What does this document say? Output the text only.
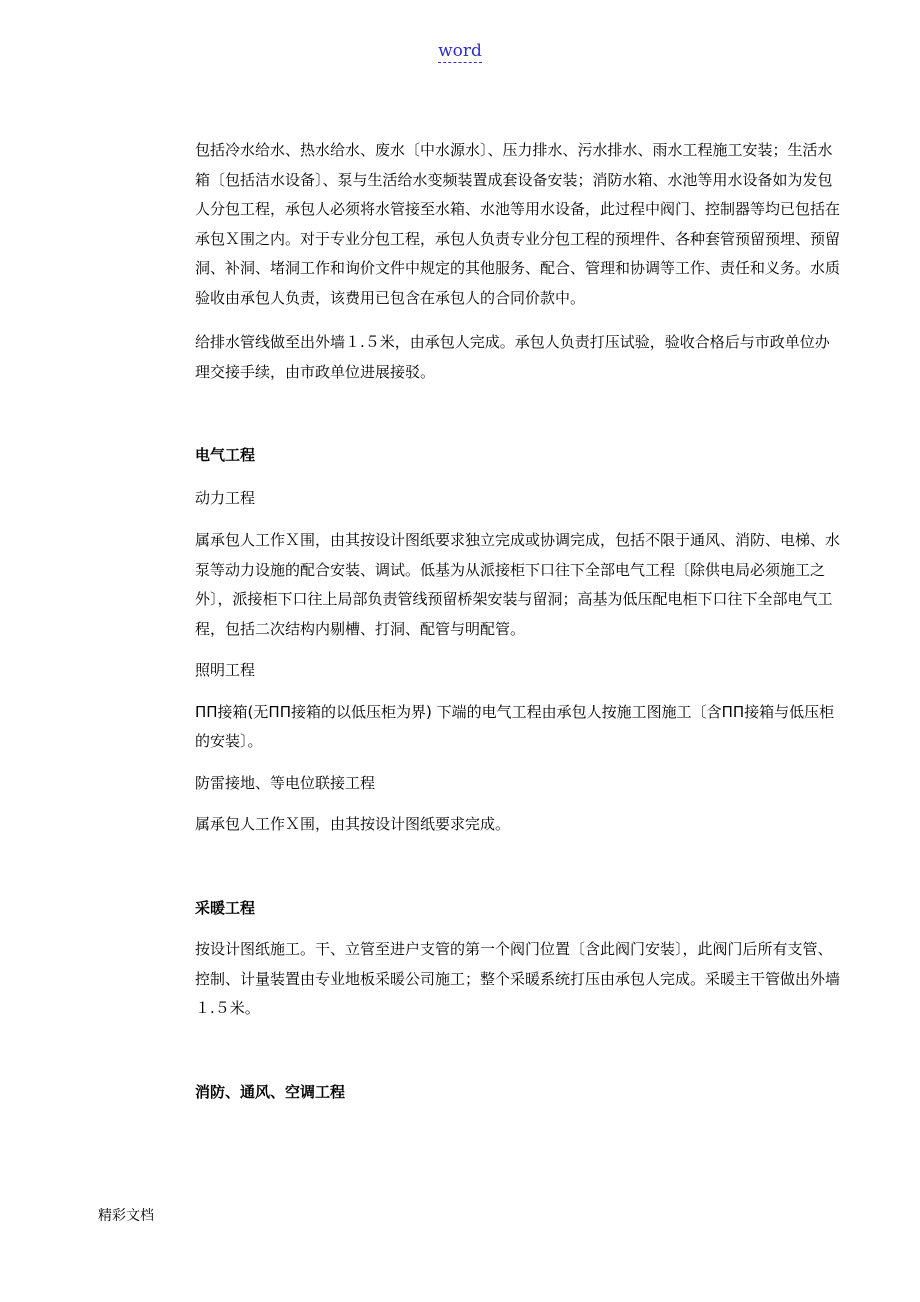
word

包括冷水给水、热水给水、废水〔中水源水〕、压力排水、污水排水、雨水工程施工安装；生活水箱〔包括洁水设备〕、泵与生活给水变频装置成套设备安装；消防水箱、水池等用水设备如为发包人分包工程，承包人必须将水管接至水箱、水池等用水设备，此过程中阀门、控制器等均已包括在承包Ｘ围之内。对于专业分包工程，承包人负责专业分包工程的预埋件、各种套管预留预埋、预留洞、补洞、堵洞工作和询价文件中规定的其他服务、配合、管理和协调等工作、责任和义务。水质验收由承包人负责，该费用已包含在承包人的合同价款中。

给排水管线做至出外墙１.５米，由承包人完成。承包人负责打压试验，验收合格后与市政单位办理交接手续，由市政单位进展接驳。

电气工程

动力工程

属承包人工作Ｘ围，由其按设计图纸要求独立完成或协调完成，包括不限于通风、消防、电梯、水泵等动力设施的配合安装、调试。低基为从派接柜下口往下全部电气工程〔除供电局必须施工之外〕，派接柜下口往上局部负责管线预留桥架安装与留洞；高基为低压配电柜下口往下全部电气工程，包括二次结构内剔槽、打洞、配管与明配管。

照明工程

ΠΠ接箱(无ΠΠ接箱的以低压柜为界) 下端的电气工程由承包人按施工图施工〔含ΠΠ接箱与低压柜的安装〕。

防雷接地、等电位联接工程

属承包人工作Ｘ围，由其按设计图纸要求完成。

采暖工程

按设计图纸施工。干、立管至进户支管的第一个阀门位置〔含此阀门安装〕，此阀门后所有支管、控制、计量装置由专业地板采暖公司施工；整个采暖系统打压由承包人完成。采暖主干管做出外墙１.５米。

消防、通风、空调工程

精彩文档
